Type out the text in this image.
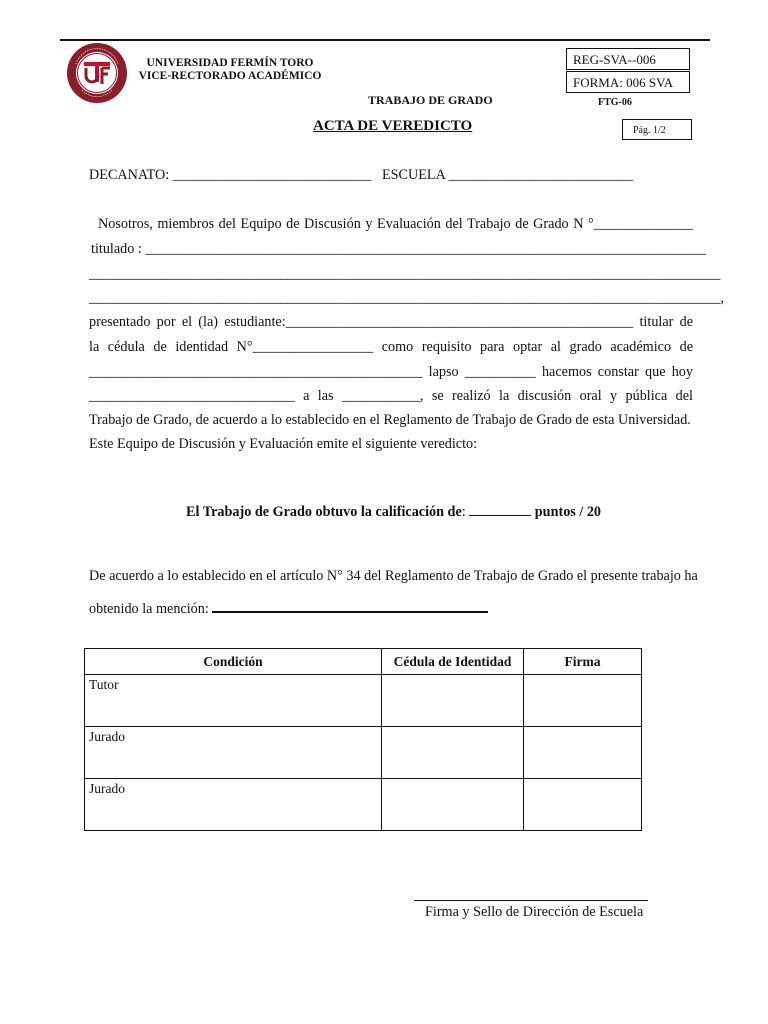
UNIVERSIDAD FERMÍN TORO
VICE-RECTORADO ACADÉMICO
REG-SVA--006
FORMA: 006 SVA
FTG-06
TRABAJO DE GRADO
ACTA DE VEREDICTO	Pág. 1/2
DECANATO: ____________________________   ESCUELA __________________________
Nosotros, miembros del Equipo de Discusión y Evaluación del Trabajo de Grado N °______________
titulado : _______________________________________________________________________________
_________________________________________________________________________________________
_________________________________________________________________________________________,
presentado por el (la) estudiante:_________________________________________________ titular de
la cédula de identidad N°_________________ como requisito para optar al grado académico de
_______________________________________________ lapso __________ hacemos constar que hoy
_____________________________ a las ___________, se realizó la discusión oral y pública del
Trabajo de Grado, de acuerdo a lo establecido en el Reglamento de Trabajo de Grado de esta Universidad.
Este Equipo de Discusión y Evaluación emite el siguiente veredicto:
El Trabajo de Grado obtuvo la calificación de:	puntos / 20
De acuerdo a lo establecido en el artículo N° 34 del Reglamento de Trabajo de Grado el presente trabajo ha
obtenido la mención:
Condición	Cédula de Identidad	Firma
Tutor		
Jurado		
Jurado		
Firma y Sello de Dirección de Escuela
